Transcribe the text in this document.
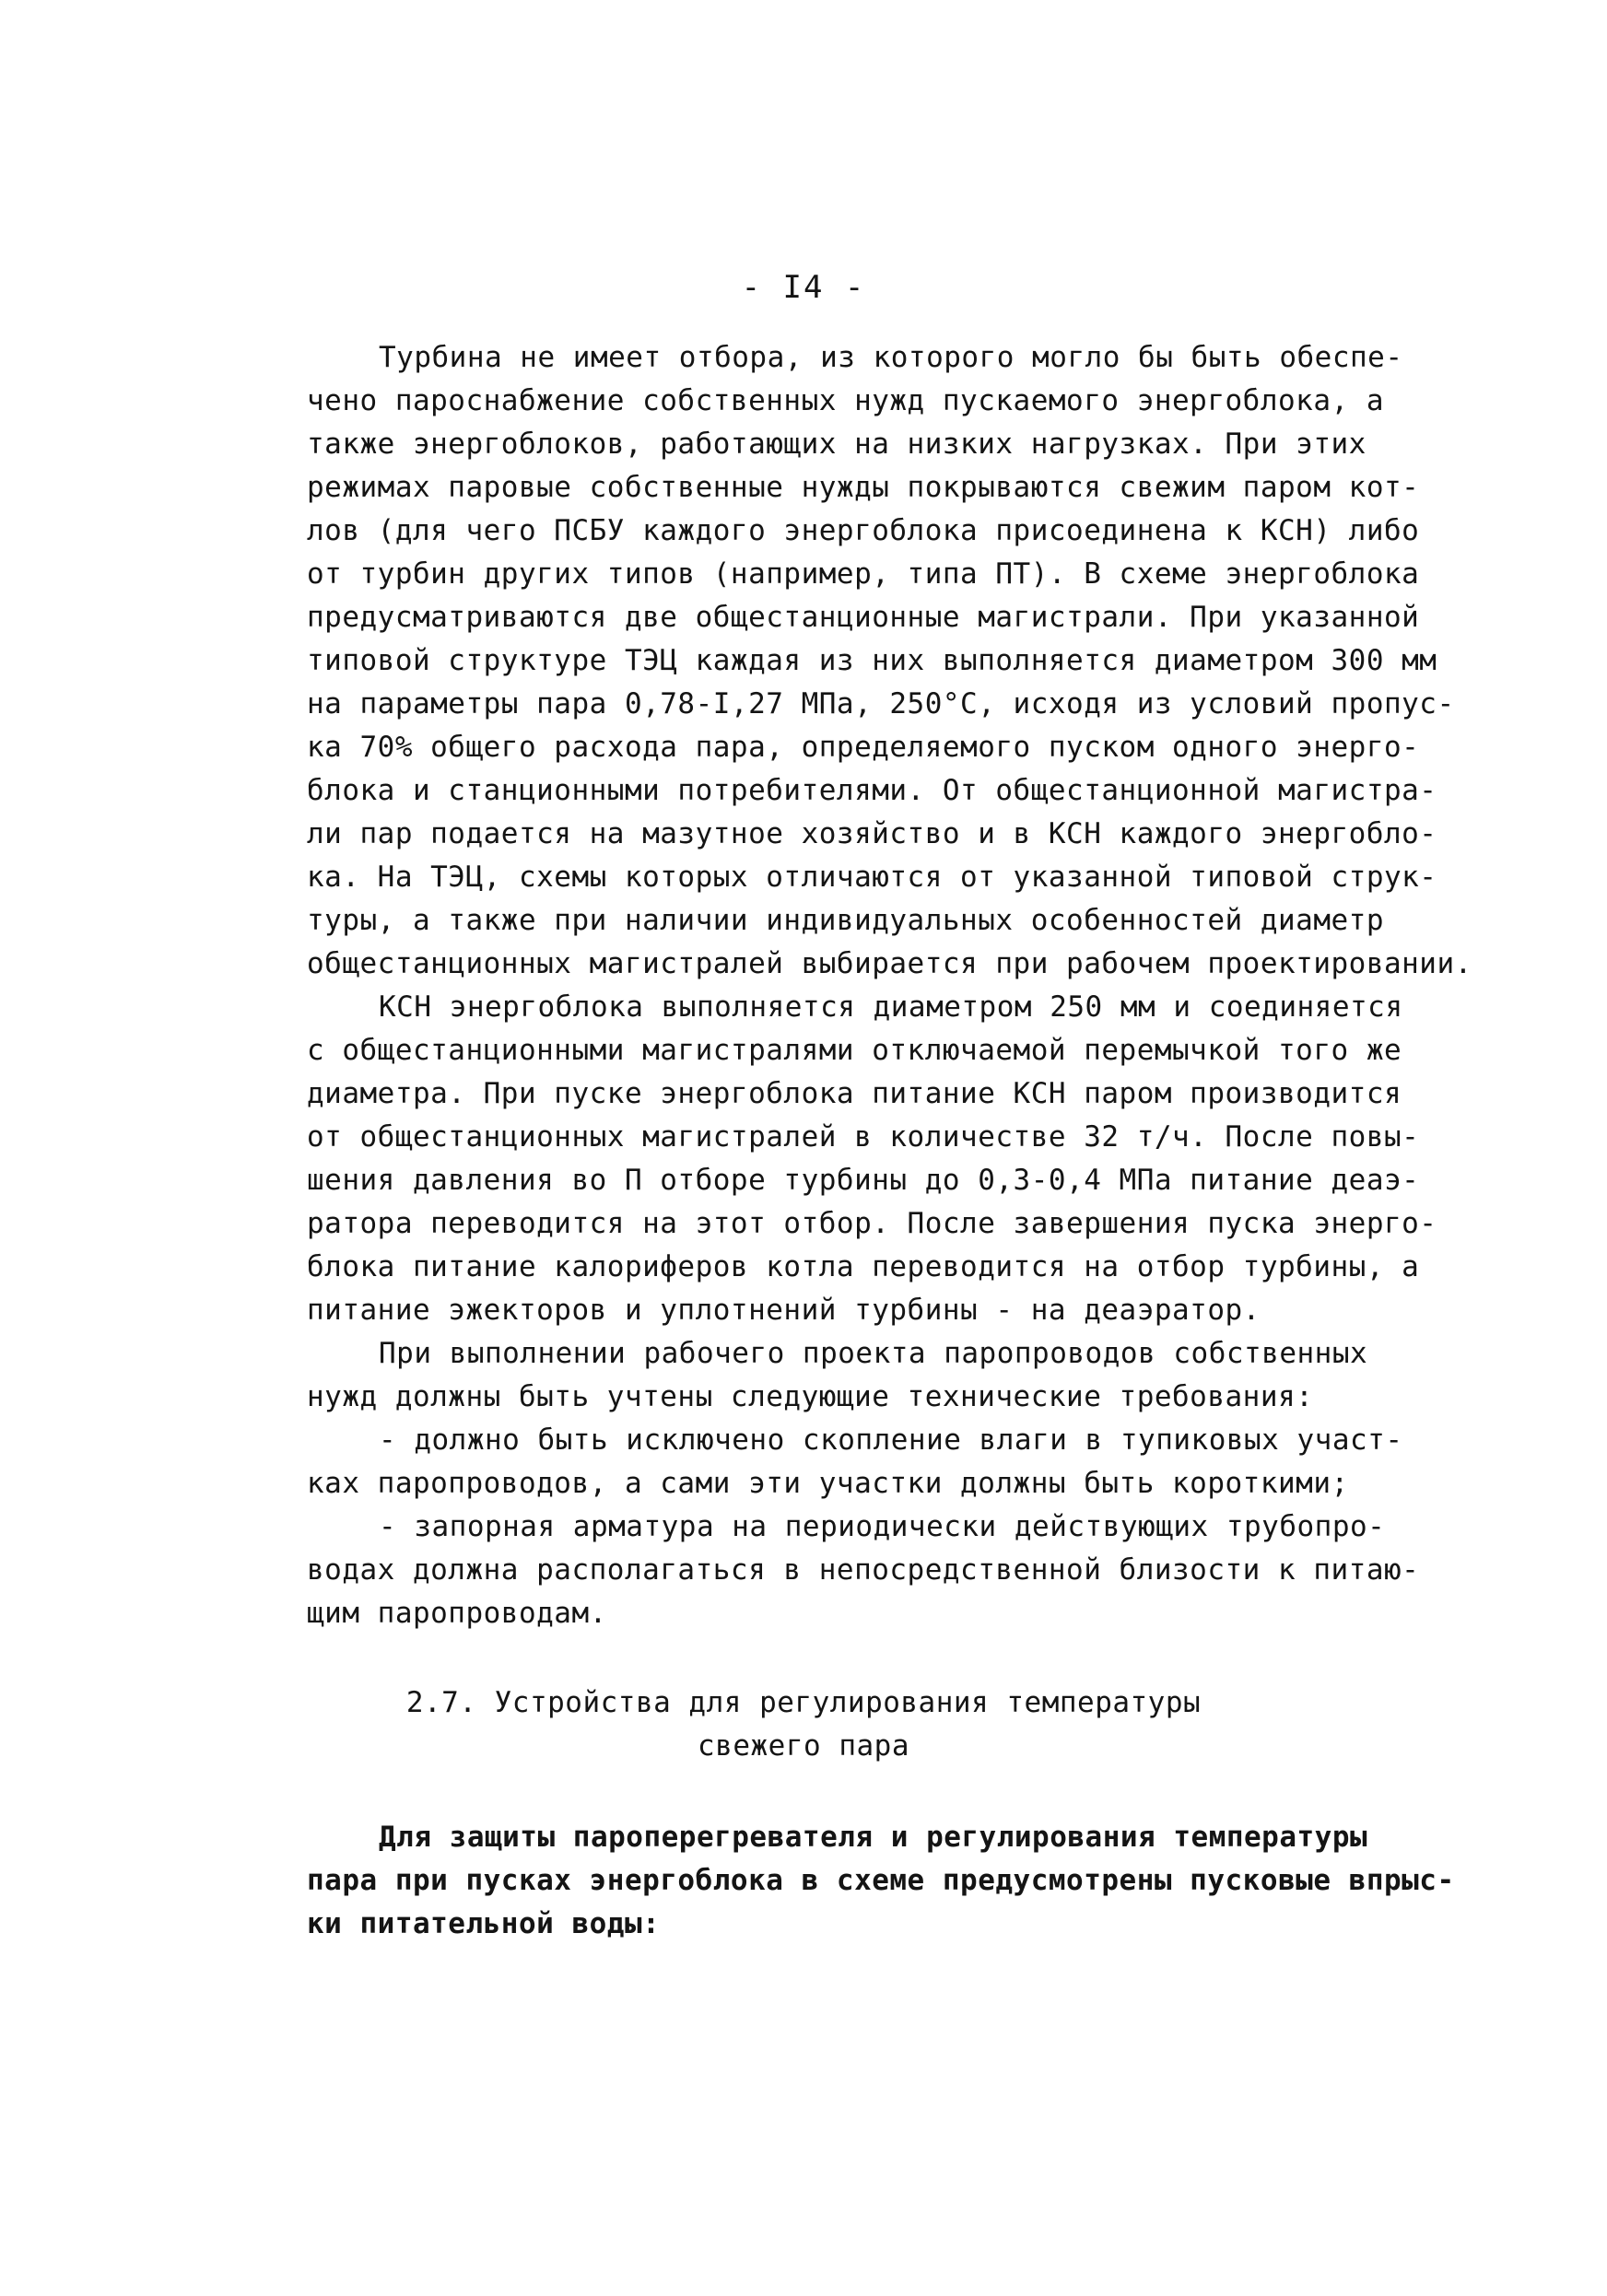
- I4 -
Турбина не имеет отбора, из которого могло бы быть обеспе-
чено пароснабжение собственных нужд пускаемого энергоблока, а
также энергоблоков, работающих на низких нагрузках. При этих
режимах паровые собственные нужды покрываются свежим паром кот-
лов (для чего ПСБУ каждого энергоблока присоединена к КСН) либо
от турбин других типов (например, типа ПТ). В схеме энергоблока
предусматриваются две общестанционные магистрали. При указанной
типовой структуре ТЭЦ каждая из них выполняется диаметром 300 мм
на параметры пара 0,78-I,27 МПа, 250°С, исходя из условий пропус-
ка 70% общего расхода пара, определяемого пуском одного энерго-
блока и станционными потребителями. От общестанционной магистра-
ли пар подается на мазутное хозяйство и в КСН каждого энергобло-
ка. На ТЭЦ, схемы которых отличаются от указанной типовой струк-
туры, а также при наличии индивидуальных особенностей диаметр
общестанционных магистралей выбирается при рабочем проектировании.
КСН энергоблока выполняется диаметром 250 мм и соединяется
с общестанционными магистралями отключаемой перемычкой того же
диаметра. При пуске энергоблока питание КСН паром производится
от общестанционных магистралей в количестве 32 т/ч. После повы-
шения давления во П отборе турбины до 0,3-0,4 МПа питание деаэ-
ратора переводится на этот отбор. После завершения пуска энерго-
блока питание калориферов котла переводится на отбор турбины, а
питание эжекторов и уплотнений турбины - на деаэратор.
При выполнении рабочего проекта паропроводов собственных
нужд должны быть учтены следующие технические требования:
- должно быть исключено скопление влаги в тупиковых участ-
ках паропроводов, а сами эти участки должны быть короткими;
- запорная арматура на периодически действующих трубопро-
водах должна располагаться в непосредственной близости к питаю-
щим паропроводам.
2.7. Устройства для регулирования температуры
свежего пара
Для защиты пароперегревателя и регулирования температуры
пара при пусках энергоблока в схеме предусмотрены пусковые впрыс-
ки питательной воды:
